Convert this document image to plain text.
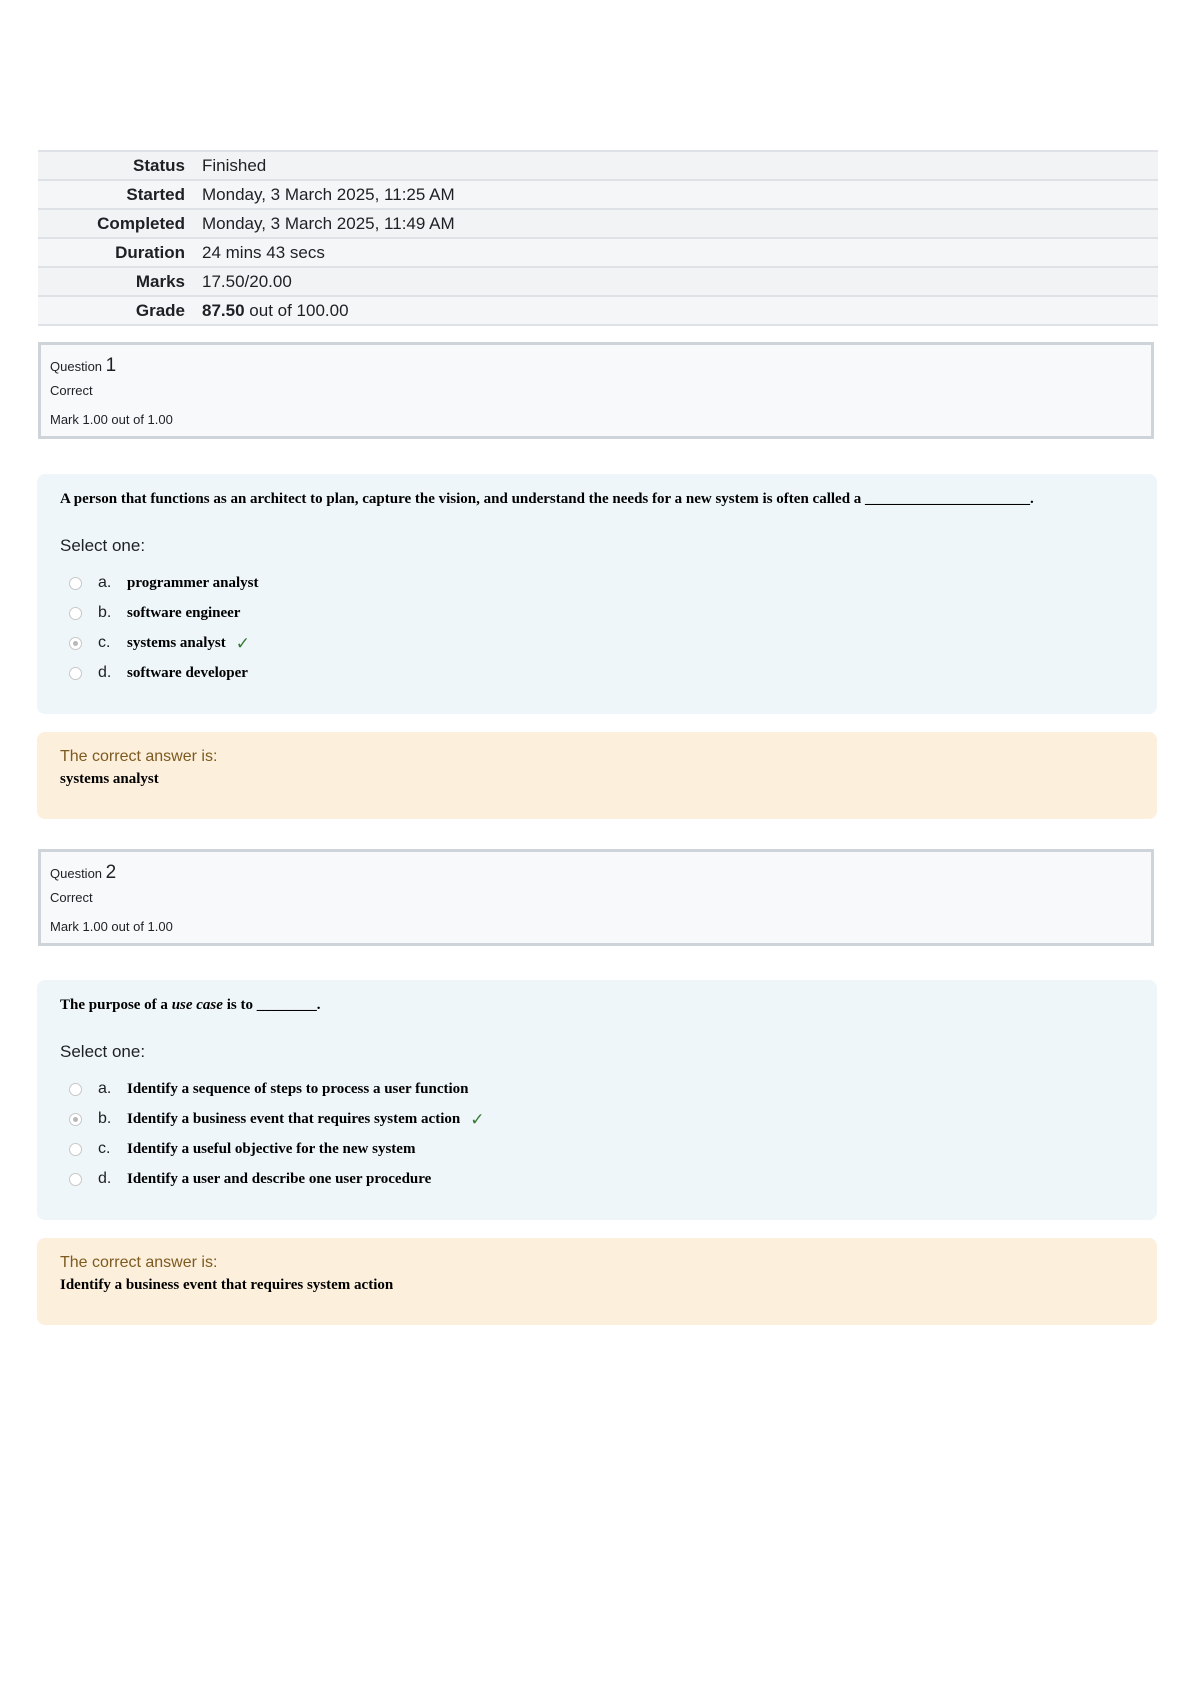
Status	Finished
Started	Monday, 3 March 2025, 11:25 AM
Completed	Monday, 3 March 2025, 11:49 AM
Duration	24 mins 43 secs
Marks	17.50/20.00
Grade	87.50 out of 100.00
Question 1
Correct
Mark 1.00 out of 1.00
A person that functions as an architect to plan, capture the vision, and understand the needs for a new system is often called a ______________________.
Select one:
a.	programmer analyst
b.	software engineer
c.	systems analyst ✓
d.	software developer
The correct answer is:
systems analyst
Question 2
Correct
Mark 1.00 out of 1.00
The purpose of a use case is to ________.
Select one:
a.	Identify a sequence of steps to process a user function
b.	Identify a business event that requires system action ✓
c.	Identify a useful objective for the new system
d.	Identify a user and describe one user procedure
The correct answer is:
Identify a business event that requires system action
